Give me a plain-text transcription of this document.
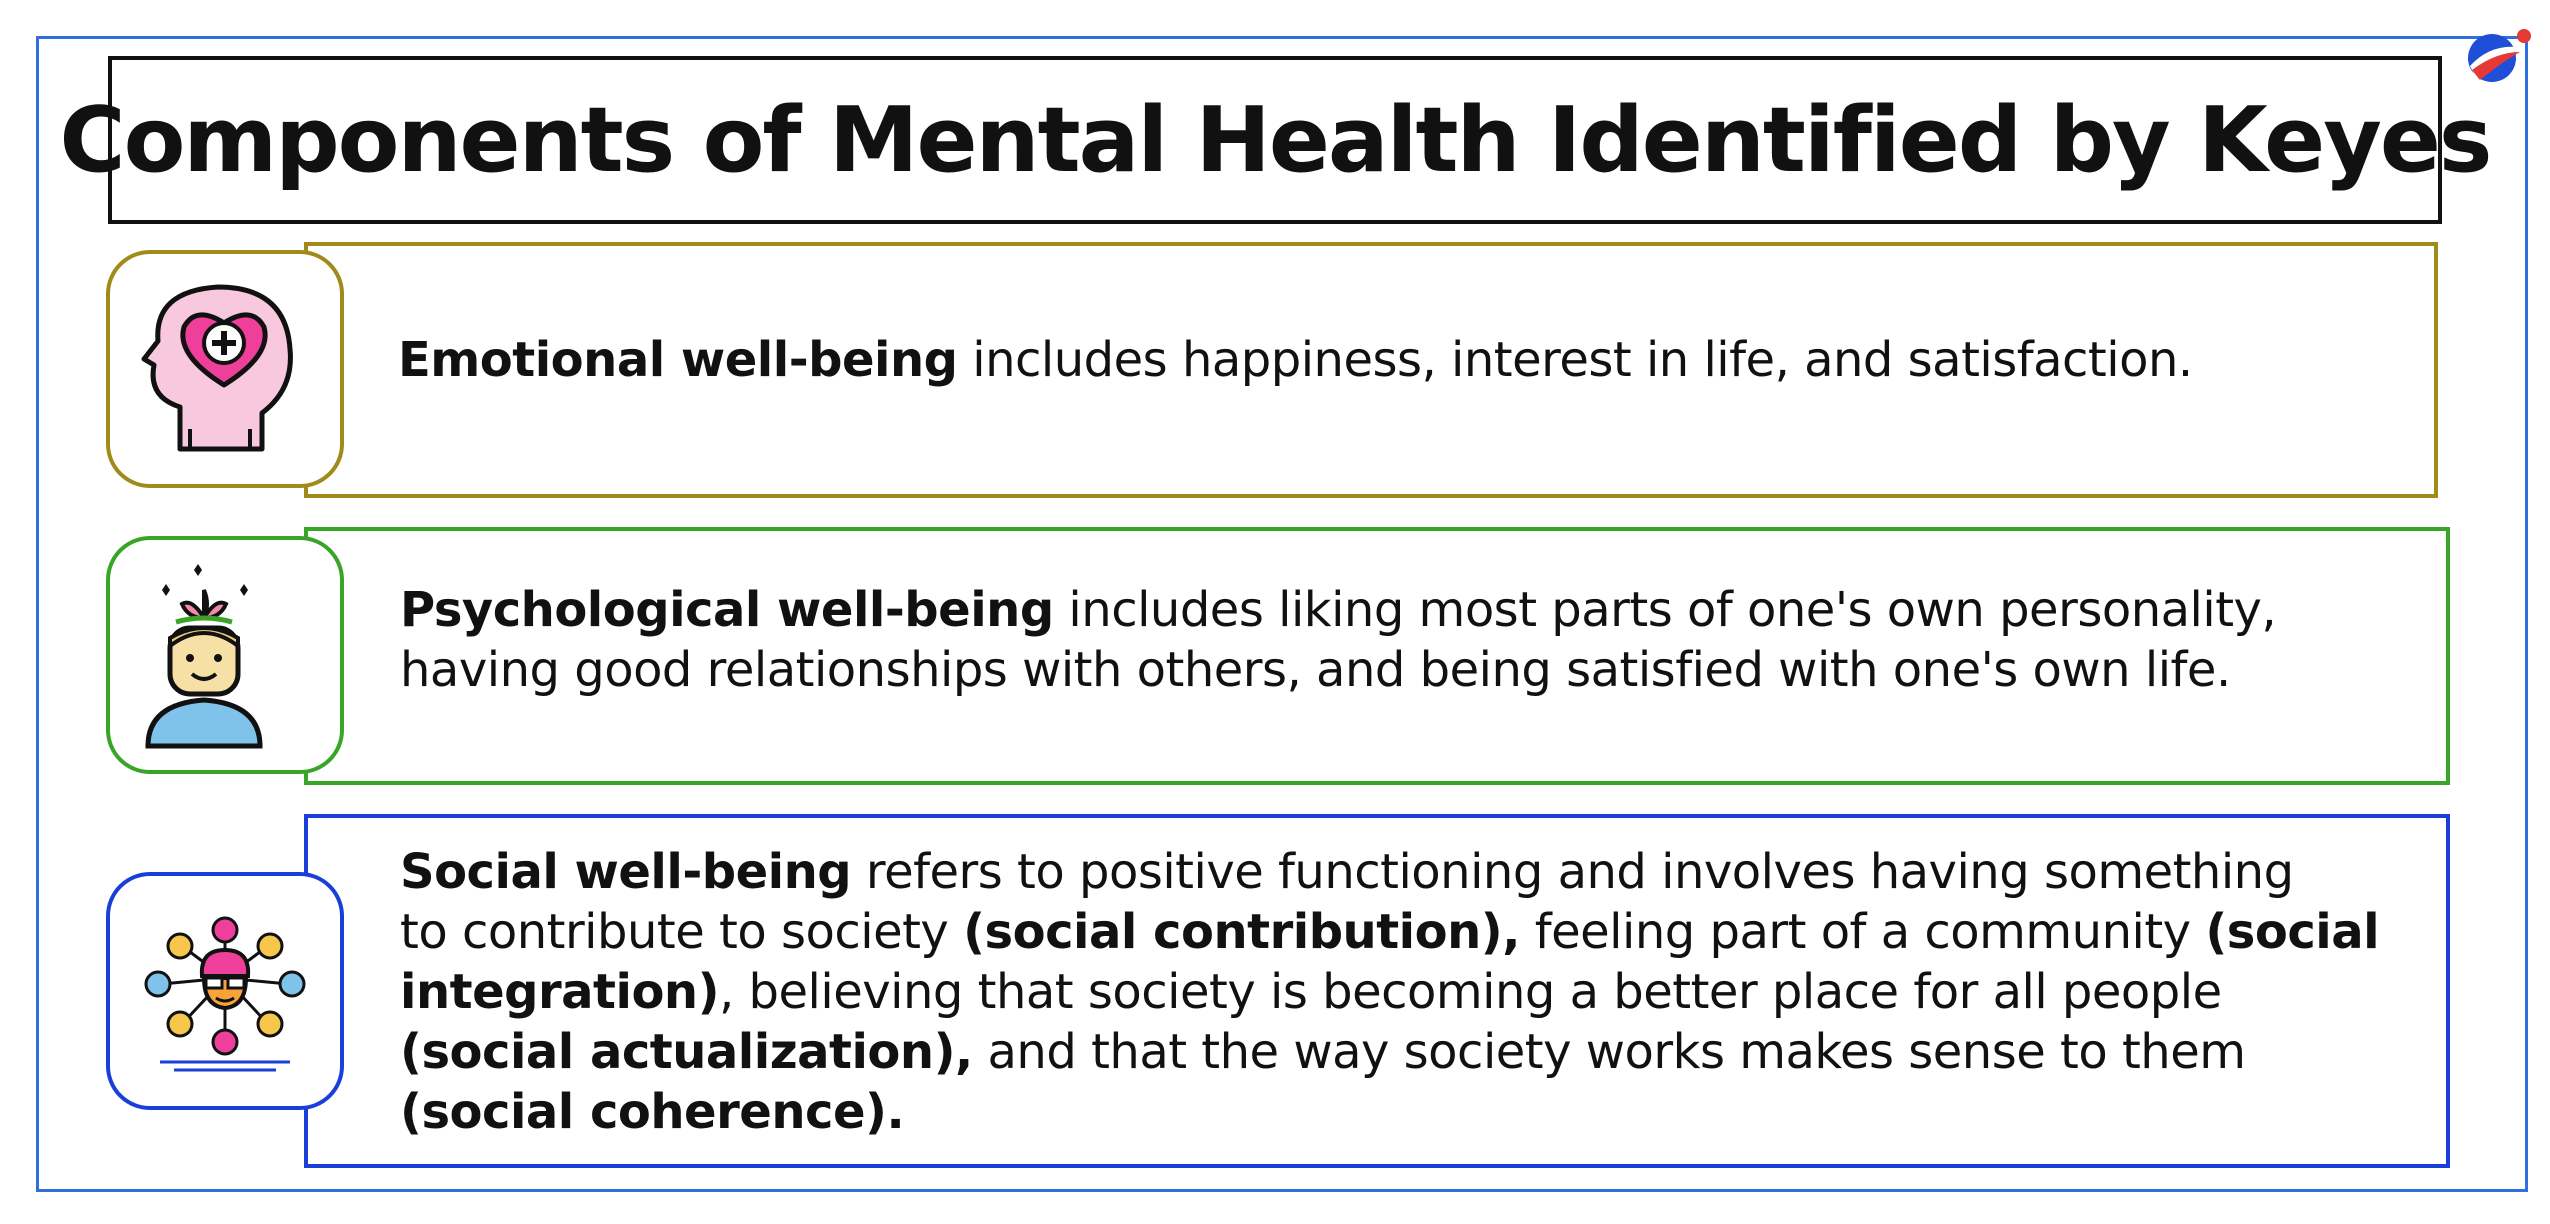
Components of Mental Health Identified by Keyes
Emotional well-being includes happiness, interest in life, and satisfaction.
Psychological well-being includes liking most parts of one's own personality,
having good relationships with others, and being satisfied with one's own life.
Social well-being refers to positive functioning and involves having something
to contribute to society (social contribution), feeling part of a community (social
integration), believing that society is becoming a better place for all people
(social actualization), and that the way society works makes sense to them
(social coherence).
